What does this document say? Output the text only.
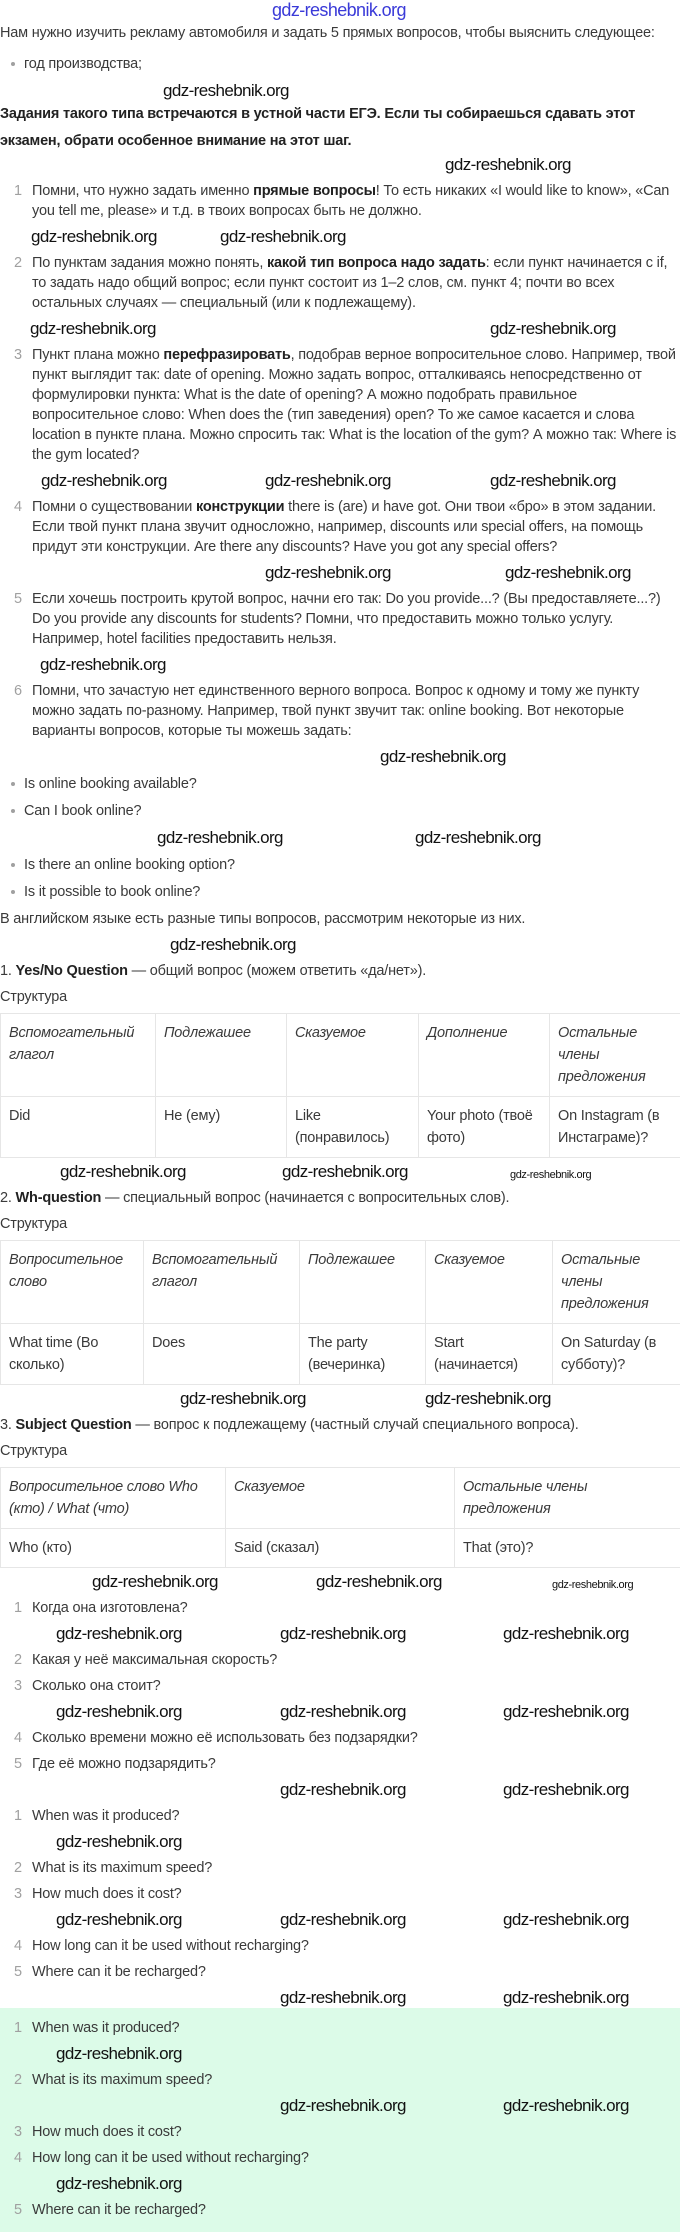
gdz-reshebnik.org

Нам нужно изучить рекламу автомобиля и задать 5 прямых вопросов, чтобы выяснить следующее:

год производства;
gdz-reshebnik.org

Задания такого типа встречаются в устной части ЕГЭ. Если ты собираешься сдавать этот экзамен, обрати особенное внимание на этот шаг.

gdz-reshebnik.org
1 Помни, что нужно задать именно прямые вопросы! То есть никаких «I would like to know», «Can you tell me, please» и т.д. в твоих вопросах быть не должно.
gdz-reshebnik.org	gdz-reshebnik.org
2 По пунктам задания можно понять, какой тип вопроса надо задать: если пункт начинается с if, то задать надо общий вопрос; если пункт состоит из 1–2 слов, см. пункт 4; почти во всех остальных случаях — специальный (или к подлежащему).
gdz-reshebnik.org	gdz-reshebnik.org
3 Пункт плана можно перефразировать, подобрав верное вопросительное слово. Например, твой пункт выглядит так: date of opening. Можно задать вопрос, отталкиваясь непосредственно от формулировки пункта: What is the date of opening? А можно подобрать правильное вопросительное слово: When does the (тип заведения) open? То же самое касается и слова location в пункте плана. Можно спросить так: What is the location of the gym? А можно так: Where is the gym located?
gdz-reshebnik.org	gdz-reshebnik.org	gdz-reshebnik.org
4 Помни о существовании конструкции there is (are) и have got. Они твои «бро» в этом задании. Если твой пункт плана звучит односложно, например, discounts или special offers, на помощь придут эти конструкции. Are there any discounts? Have you got any special offers?
gdz-reshebnik.org	gdz-reshebnik.org
5 Если хочешь построить крутой вопрос, начни его так: Do you provide...? (Вы предоставляете...?) Do you provide any discounts for students? Помни, что предоставить можно только услугу. Например, hotel facilities предоставить нельзя.
gdz-reshebnik.org
6 Помни, что зачастую нет единственного верного вопроса. Вопрос к одному и тому же пункту можно задать по-разному. Например, твой пункт звучит так: online booking. Вот некоторые варианты вопросов, которые ты можешь задать:
gdz-reshebnik.org
Is online booking available?
Can I book online?
gdz-reshebnik.org	gdz-reshebnik.org
Is there an online booking option?
Is it possible to book online?
В английском языке есть разные типы вопросов, рассмотрим некоторые из них.
gdz-reshebnik.org
1. Yes/No Question — общий вопрос (можем ответить «да/нет»).
Структура
Вспомогательный глагол	Подлежашее	Сказуемое	Дополнение	Остальные члены предложения
Did	He (ему)	Like (понравилось)	Your photo (твоё фото)	On Instagram (в Инстаграме)?
gdz-reshebnik.org	gdz-reshebnik.org	gdz-reshebnik.org
2. Wh-question — специальный вопрос (начинается с вопросительных слов).
Структура
Вопросительное слово	Вспомогательный глагол	Подлежашее	Сказуемое	Остальные члены предложения
What time (Во сколько)	Does	The party (вечеринка)	Start (начинается)	On Saturday (в субботу)?
gdz-reshebnik.org	gdz-reshebnik.org
3. Subject Question — вопрос к подлежащему (частный случай специального вопроса).
Структура
Вопросительное слово Who (кто) / What (что)	Сказуемое	Остальные члены предложения
Who (кто)	Said (сказал)	That (это)?
gdz-reshebnik.org	gdz-reshebnik.org	gdz-reshebnik.org
1 Когда она изготовлена?
gdz-reshebnik.org	gdz-reshebnik.org	gdz-reshebnik.org
2 Какая у неё максимальная скорость?
3 Сколько она стоит?
gdz-reshebnik.org	gdz-reshebnik.org	gdz-reshebnik.org
4 Сколько времени можно её использовать без подзарядки?
5 Где её можно подзарядить?
gdz-reshebnik.org	gdz-reshebnik.org
1 When was it produced?
gdz-reshebnik.org
2 What is its maximum speed?
3 How much does it cost?
gdz-reshebnik.org	gdz-reshebnik.org	gdz-reshebnik.org
4 How long can it be used without recharging?
5 Where can it be recharged?
gdz-reshebnik.org	gdz-reshebnik.org
1 When was it produced?
gdz-reshebnik.org
2 What is its maximum speed?
gdz-reshebnik.org	gdz-reshebnik.org
3 How much does it cost?
4 How long can it be used without recharging?
gdz-reshebnik.org
5 Where can it be recharged?
